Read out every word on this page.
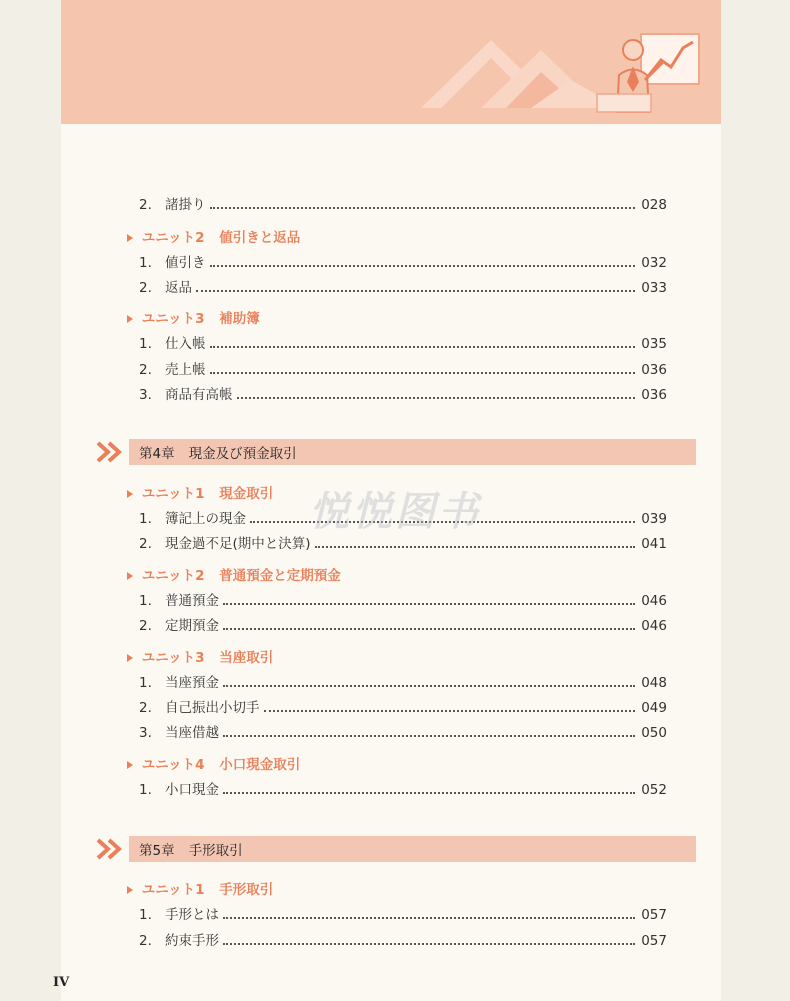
2. 諸掛り	028
ユニット2 値引きと返品
1. 値引き	032
2. 返品	033
ユニット3 補助簿
1. 仕入帳	035
2. 売上帳	036
3. 商品有高帳	036
第4章 現金及び預金取引
ユニット1 現金取引
1. 簿記上の現金	039
2. 現金過不足(期中と決算)	041
ユニット2 普通預金と定期預金
1. 普通預金	046
2. 定期預金	046
ユニット3 当座取引
1. 当座預金	048
2. 自己振出小切手	049
3. 当座借越	050
ユニット4 小口現金取引
1. 小口現金	052
第5章 手形取引
ユニット1 手形取引
1. 手形とは	057
2. 約束手形	057
悦悦图书
IV
